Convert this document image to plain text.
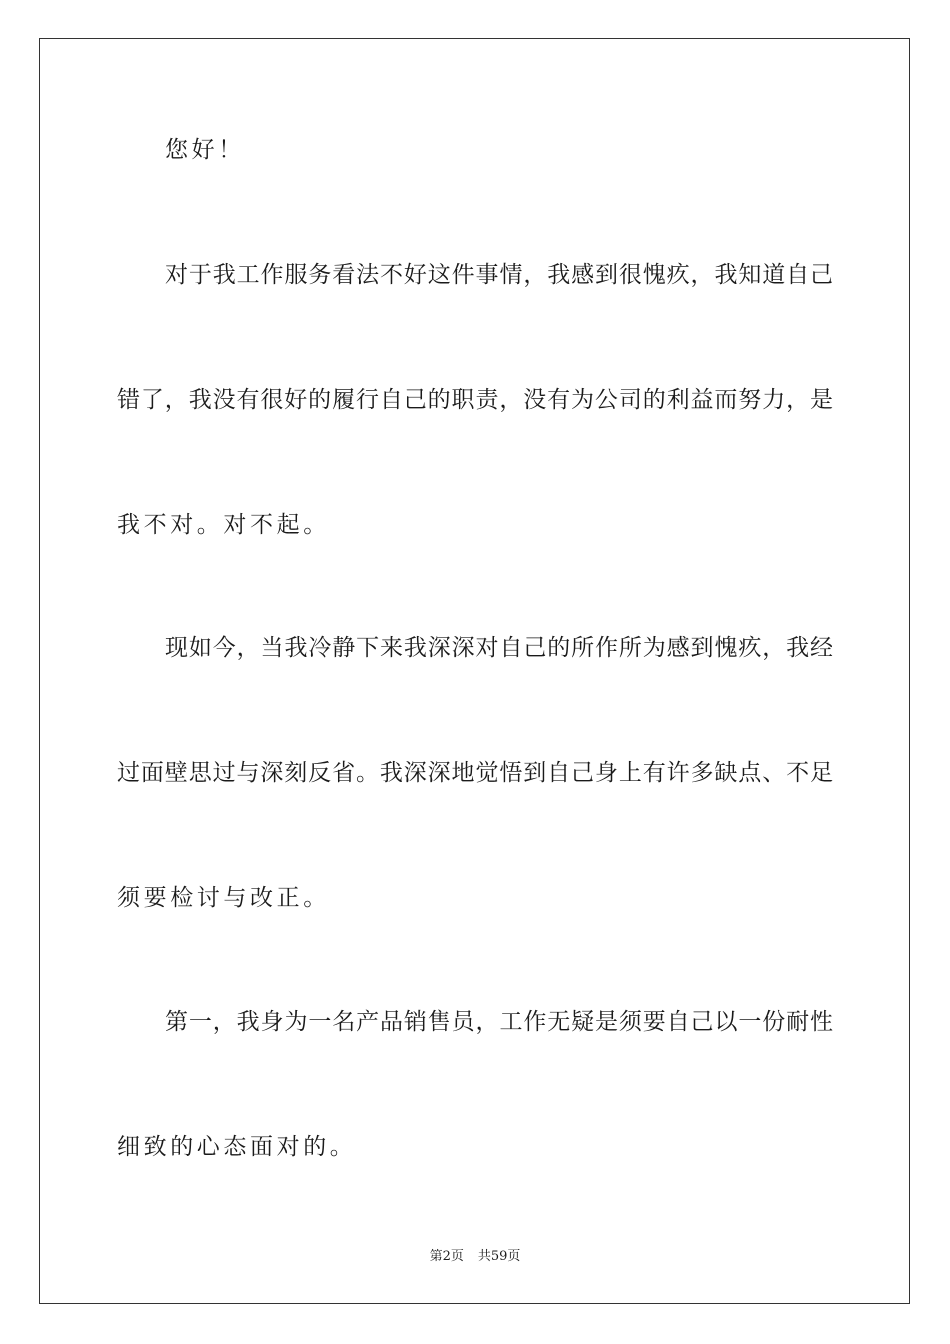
您好！
对于我工作服务看法不好这件事情，我感到很愧疚，我知道自己
错了，我没有很好的履行自己的职责，没有为公司的利益而努力，是
我不对。对不起。
现如今，当我冷静下来我深深对自己的所作所为感到愧疚，我经
过面壁思过与深刻反省。我深深地觉悟到自己身上有许多缺点、不足
须要检讨与改正。
第一，我身为一名产品销售员，工作无疑是须要自己以一份耐性
细致的心态面对的。
第2页 共59页
